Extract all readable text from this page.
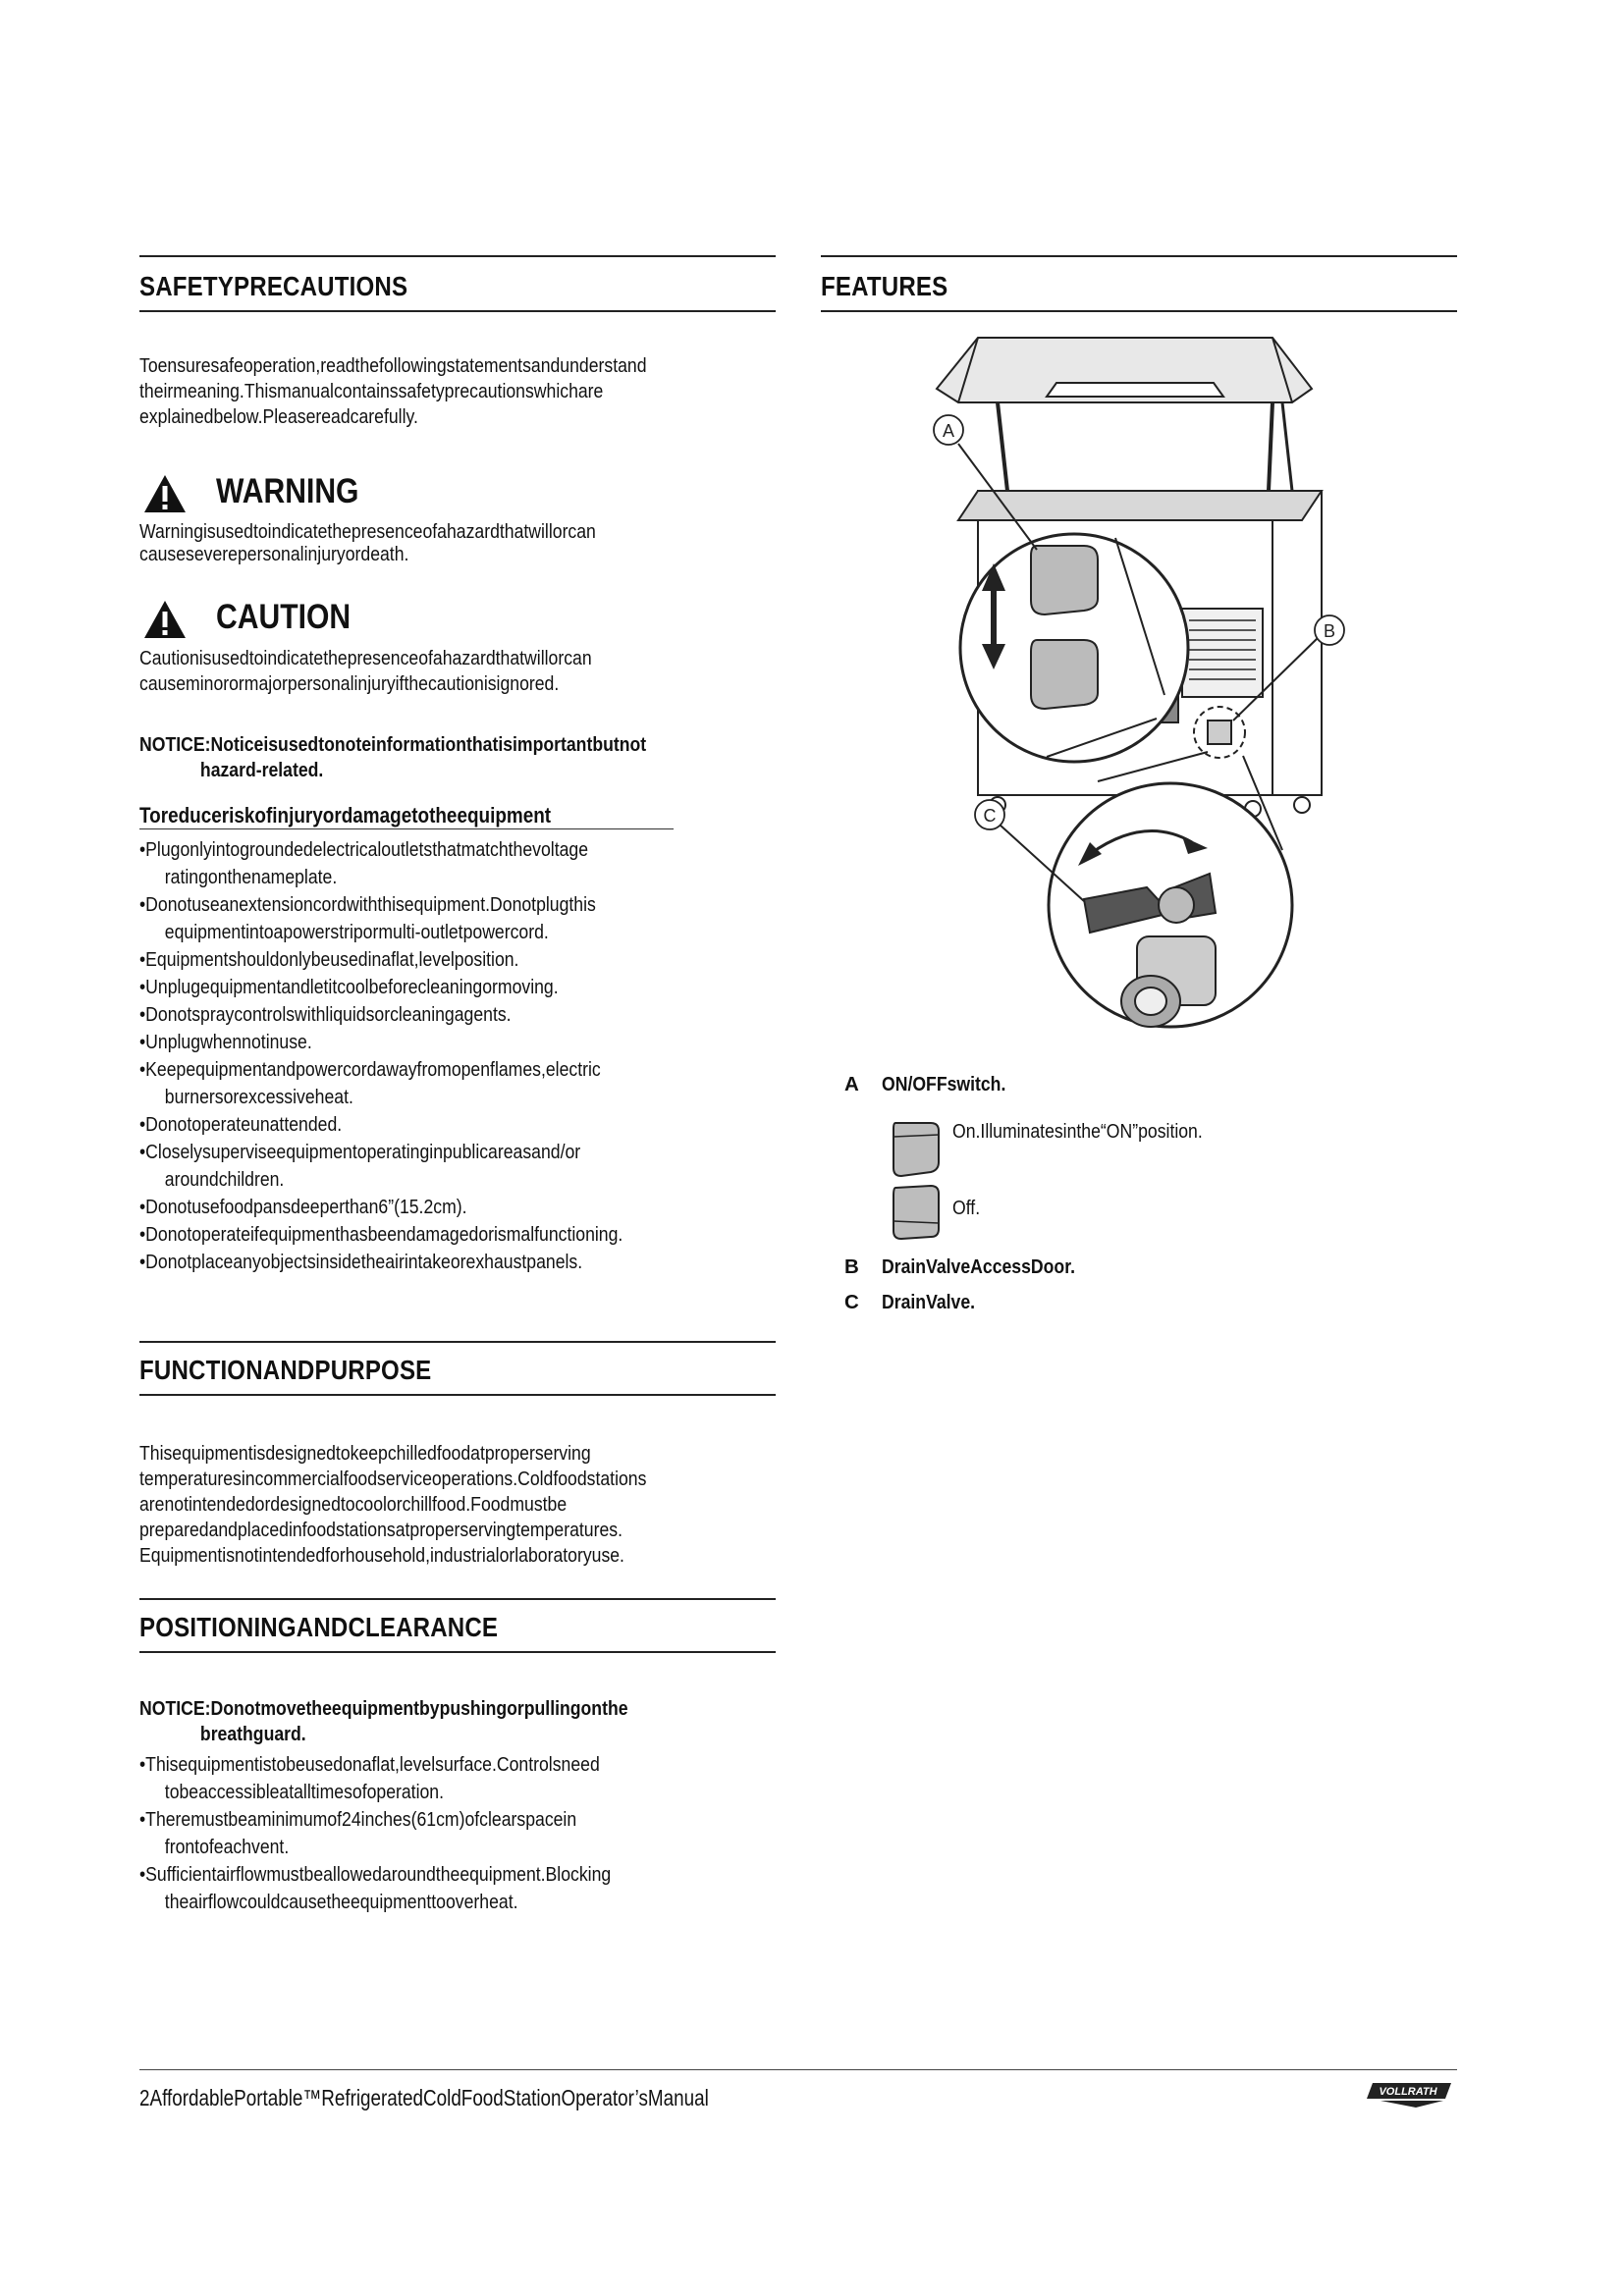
SAFETYPRECAUTIONS
Toensuresafeoperation,readthefollowingstatementsandunderstand
theirmeaning.Thismanualcontainssafetyprecautionswhichare
explainedbelow.Pleasereadcarefully.
WARNING
Warningisusedtoindicatethepresenceofahazardthatwillorcan
causeseverepersonalinjuryordeath.
CAUTION
Cautionisusedtoindicatethepresenceofahazardthatwillorcan
causeminorormajorpersonalinjuryifthecautionisignored.
NOTICE:Noticeisusedtonoteinformationthatisimportantbutnot
hazard-related.
Toreduceriskofinjuryordamagetotheequipment
•Plugonlyintogroundedelectricaloutletsthatmatchthevoltage
ratingonthenameplate.
•Donotuseanextensioncordwiththisequipment.Donotplugthis
equipmentintoapowerstripormulti-outletpowercord.
•Equipmentshouldonlybeusedinaflat,levelposition.
•Unplugequipmentandletitcoolbeforecleaningormoving.
•Donotspraycontrolswithliquidsorcleaningagents.
•Unplugwhennotinuse.
•Keepequipmentandpowercordawayfromopenflames,electric
burnersorexcessiveheat.
•Donotoperateunattended.
•Closelysuperviseequipmentoperatinginpublicareasand/or
aroundchildren.
•Donotusefoodpansdeeperthan6”(15.2cm).
•Donotoperateifequipmenthasbeendamagedorismalfunctioning.
•Donotplaceanyobjectsinsidetheairintakeorexhaustpanels.
FUNCTIONANDPURPOSE
Thisequipmentisdesignedtokeepchilledfoodatproperserving
temperaturesincommercialfoodserviceoperations.Coldfoodstations
arenotintendedordesignedtocoolorchillfood.Foodmustbe
preparedandplacedinfoodstationsatproperservingtemperatures.
Equipmentisnotintendedforhousehold,industrialorlaboratoryuse.
POSITIONINGANDCLEARANCE
NOTICE:Donotmovetheequipmentbypushingorpullingonthe
breathguard.
•Thisequipmentistobeusedonaflat,levelsurface.Controlsneed
tobeaccessibleatalltimesofoperation.
•Theremustbeaminimumof24inches(61cm)ofclearspacein
frontofeachvent.
•Sufficientairflowmustbeallowedaroundtheequipment.Blocking
theairflowcouldcausetheequipmenttooverheat.
FEATURES
A
B
C
A ON/OFFswitch.
On.Illuminatesinthe“ON”position.
Off.
B DrainValveAccessDoor.
C DrainValve.
2AffordablePortable™RefrigeratedColdFoodStationOperator’sManual	VOLLRATH
